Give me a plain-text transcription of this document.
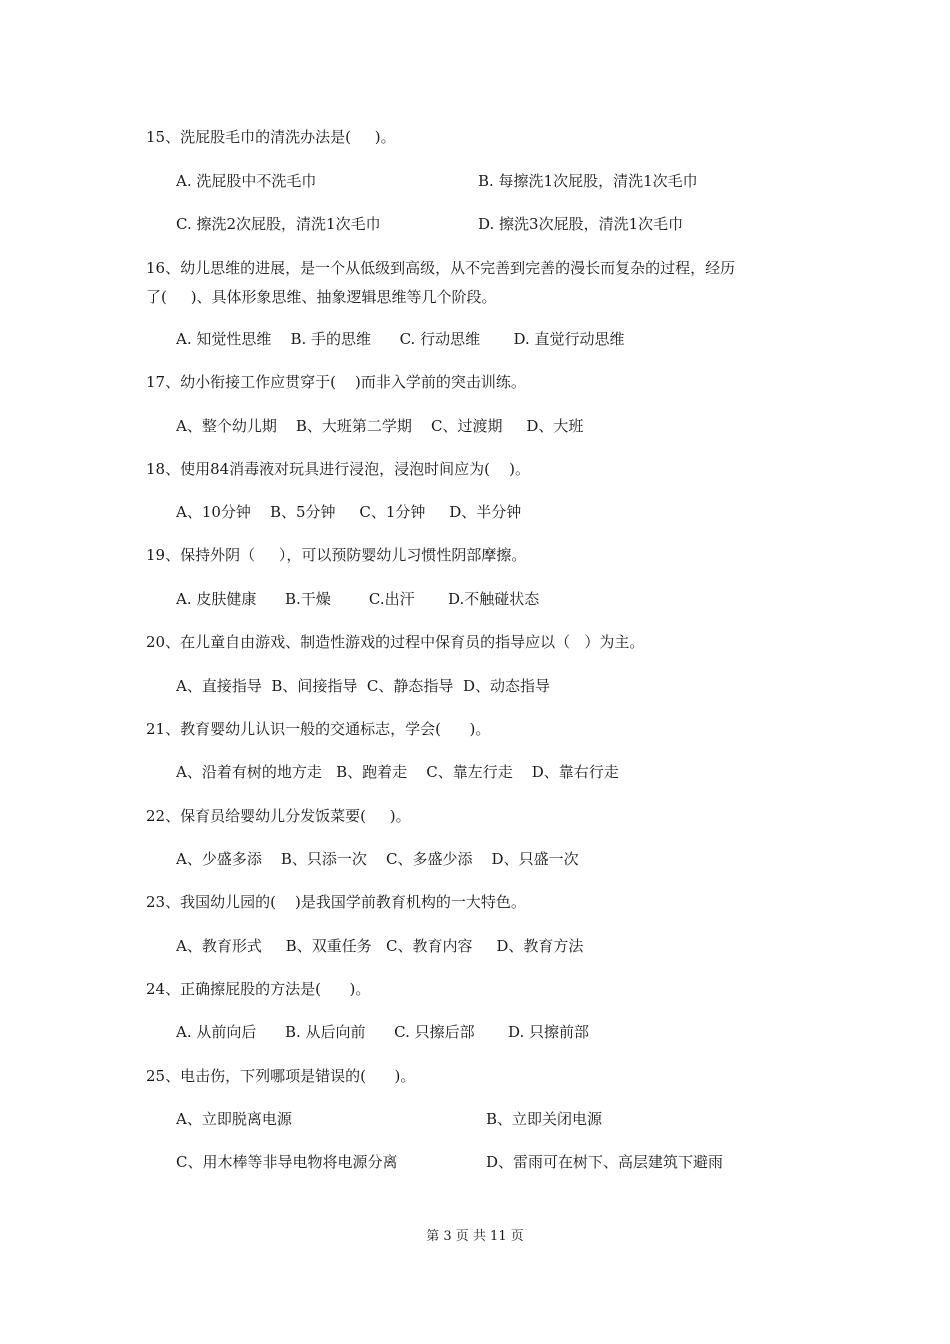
15、洗屁股毛巾的清洗办法是(     )。
A. 洗屁股中不洗毛巾	B. 每擦洗1次屁股，清洗1次毛巾
C. 擦洗2次屁股，清洗1次毛巾	D. 擦洗3次屁股，清洗1次毛巾
16、幼儿思维的进展，是一个从低级到高级，从不完善到完善的漫长而复杂的过程，经历
了(     )、具体形象思维、抽象逻辑思维等几个阶段。
A. 知觉性思维    B. 手的思维      C. 行动思维       D. 直觉行动思维
17、幼小衔接工作应贯穿于(    )而非入学前的突击训练。
A、整个幼儿期    B、大班第二学期    C、过渡期     D、大班
18、使用84消毒液对玩具进行浸泡，浸泡时间应为(    )。
A、10分钟    B、5分钟     C、1分钟     D、半分钟
19、保持外阴（     ），可以预防婴幼儿习惯性阴部摩擦。
A. 皮肤健康      B.干燥        C.出汗       D.不触碰状态
20、在儿童自由游戏、制造性游戏的过程中保育员的指导应以（   ）为主。
A、直接指导  B、间接指导  C、静态指导  D、动态指导
21、教育婴幼儿认识一般的交通标志，学会(      )。
A、沿着有树的地方走   B、跑着走    C、靠左行走    D、靠右行走
22、保育员给婴幼儿分发饭菜要(     )。
A、少盛多添    B、只添一次    C、多盛少添    D、只盛一次
23、我国幼儿园的(    )是我国学前教育机构的一大特色。
A、教育形式     B、双重任务   C、教育内容     D、教育方法
24、正确擦屁股的方法是(      )。
A. 从前向后      B. 从后向前      C. 只擦后部       D. 只擦前部
25、电击伤，下列哪项是错误的(      )。
A、立即脱离电源	B、立即关闭电源
C、用木棒等非导电物将电源分离	D、雷雨可在树下、高层建筑下避雨
第 3 页 共 11 页
